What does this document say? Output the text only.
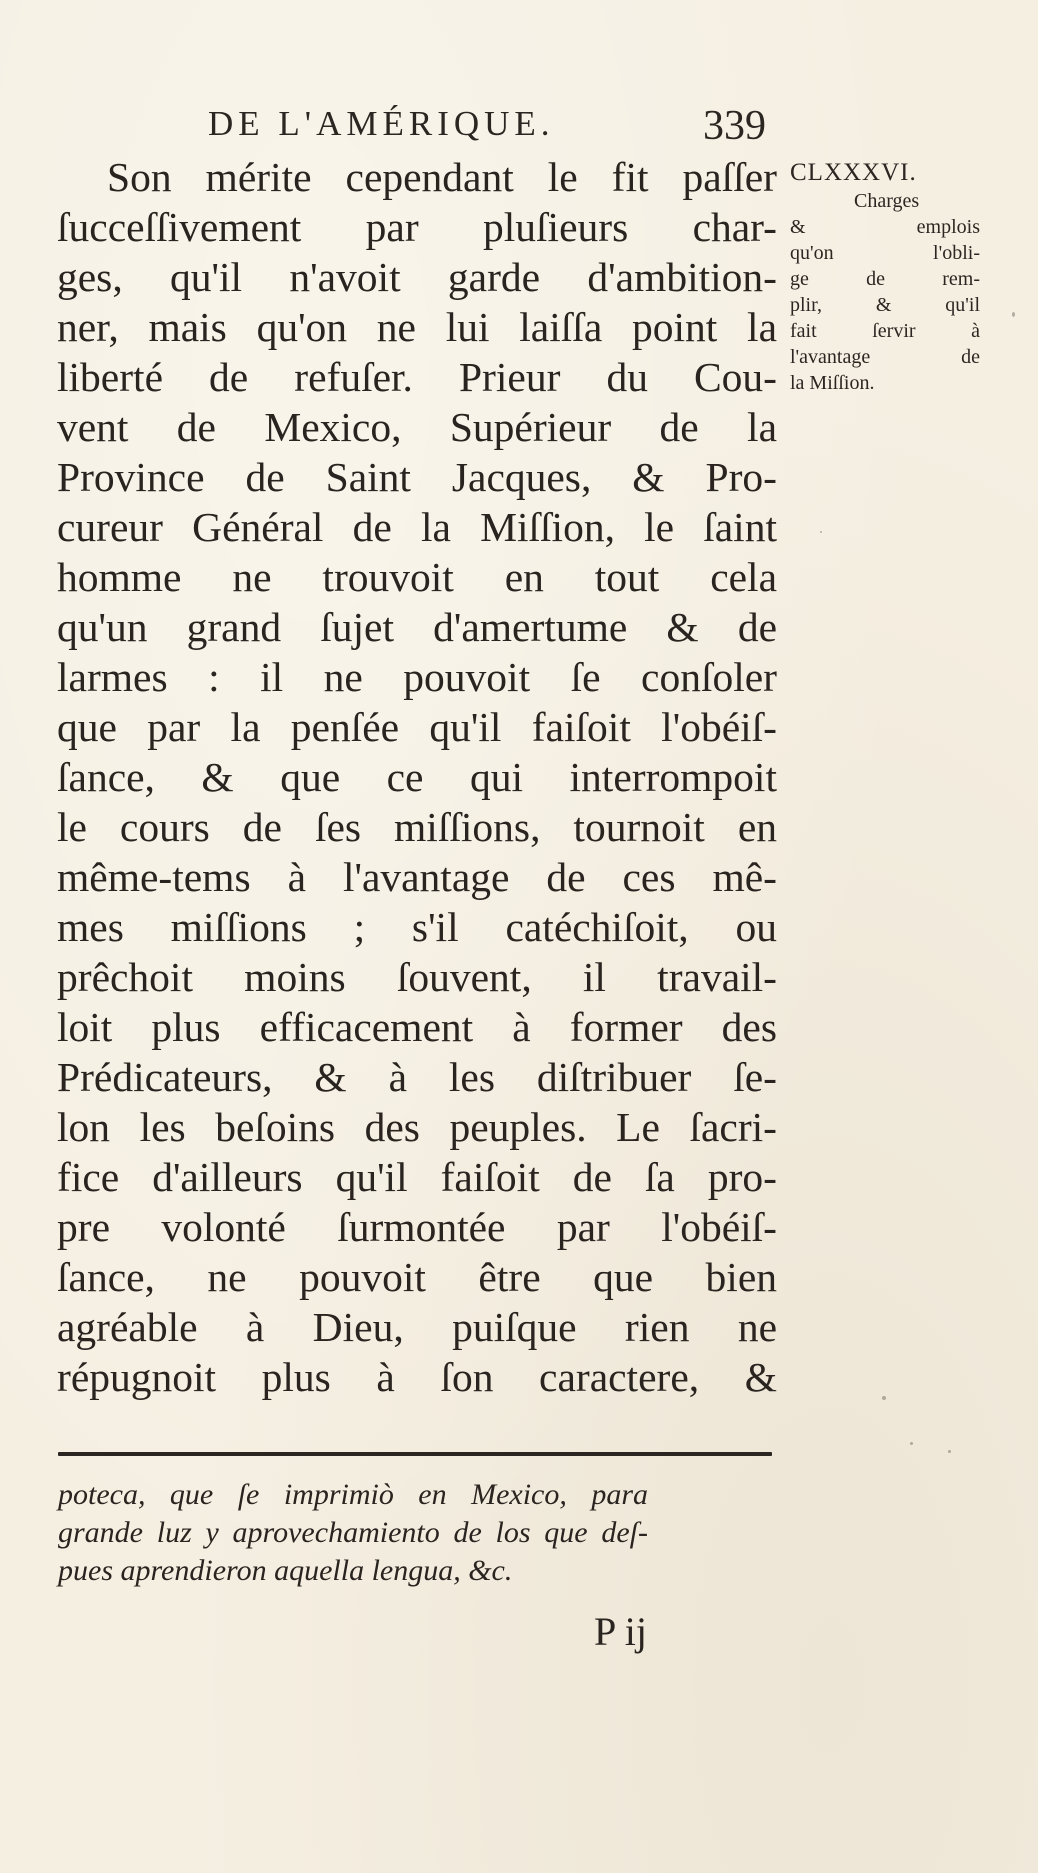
DE L'AMÉRIQUE.	339
Son mérite cependant le fit paſſer
ſucceſſivement par pluſieurs char-
ges, qu'il n'avoit garde d'ambition-
ner, mais qu'on ne lui laiſſa point la
liberté de refuſer. Prieur du Cou-
vent de Mexico, Supérieur de la
Province de Saint Jacques, & Pro-
cureur Général de la Miſſion, le ſaint
homme ne trouvoit en tout cela
qu'un grand ſujet d'amertume & de
larmes : il ne pouvoit ſe conſoler
que par la penſée qu'il faiſoit l'obéiſ-
ſance, & que ce qui interrompoit
le cours de ſes miſſions, tournoit en
même-tems à l'avantage de ces mê-
mes miſſions ; s'il catéchiſoit, ou
prêchoit moins ſouvent, il travail-
loit plus efficacement à former des
Prédicateurs, & à les diſtribuer ſe-
lon les beſoins des peuples. Le ſacri-
fice d'ailleurs qu'il faiſoit de ſa pro-
pre volonté ſurmontée par l'obéiſ-
ſance, ne pouvoit être que bien
agréable à Dieu, puiſque rien ne
répugnoit plus à ſon caractere, &
CLXXXVI.
Charges
& emplois
qu'on l'obli-
ge de rem-
plir, & qu'il
fait ſervir à
l'avantage de
la Miſſion.
poteca, que ſe imprimiò en Mexico, para
grande luz y aprovechamiento de los que deſ-
pues aprendieron aquella lengua, &c.
P ij
